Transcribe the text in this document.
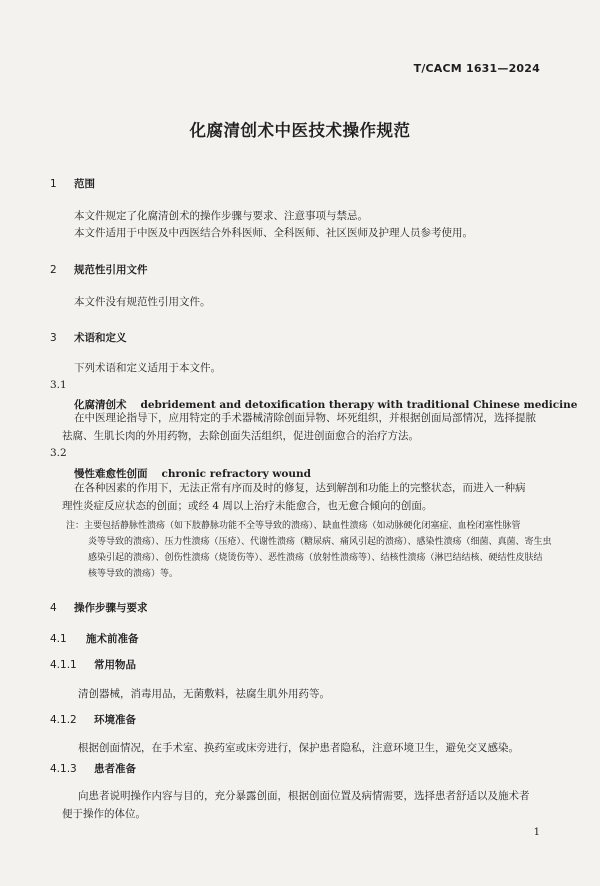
T/CACM 1631—2024
化腐清创术中医技术操作规范
1 范围
本文件规定了化腐清创术的操作步骤与要求、注意事项与禁忌。
本文件适用于中医及中西医结合外科医师、全科医师、社区医师及护理人员参考使用。
2 规范性引用文件
本文件没有规范性引用文件。
3 术语和定义
下列术语和定义适用于本文件。
3.1
化腐清创术 debridement and detoxification therapy with traditional Chinese medicine
在中医理论指导下，应用特定的手术器械清除创面异物、坏死组织，并根据创面局部情况，选择提脓
祛腐、生肌长肉的外用药物，去除创面失活组织，促进创面愈合的治疗方法。
3.2
慢性难愈性创面 chronic refractory wound
在各种因素的作用下，无法正常有序而及时的修复，达到解剖和功能上的完整状态，而进入一种病
理性炎症反应状态的创面；或经 4 周以上治疗未能愈合，也无愈合倾向的创面。
注：主要包括静脉性溃疡（如下肢静脉功能不全等导致的溃疡）、缺血性溃疡（如动脉硬化闭塞症、血栓闭塞性脉管
炎等导致的溃疡）、压力性溃疡（压疮）、代谢性溃疡（糖尿病、痛风引起的溃疡）、感染性溃疡（细菌、真菌、寄生虫
感染引起的溃疡）、创伤性溃疡（烧烫伤等）、恶性溃疡（放射性溃疡等）、结核性溃疡（淋巴结结核、硬结性皮肤结
核等导致的溃疡）等。
4 操作步骤与要求
4.1 施术前准备
4.1.1 常用物品
清创器械，消毒用品，无菌敷料，祛腐生肌外用药等。
4.1.2 环境准备
根据创面情况，在手术室、换药室或床旁进行，保护患者隐私，注意环境卫生，避免交叉感染。
4.1.3 患者准备
向患者说明操作内容与目的，充分暴露创面，根据创面位置及病情需要，选择患者舒适以及施术者
便于操作的体位。
1
